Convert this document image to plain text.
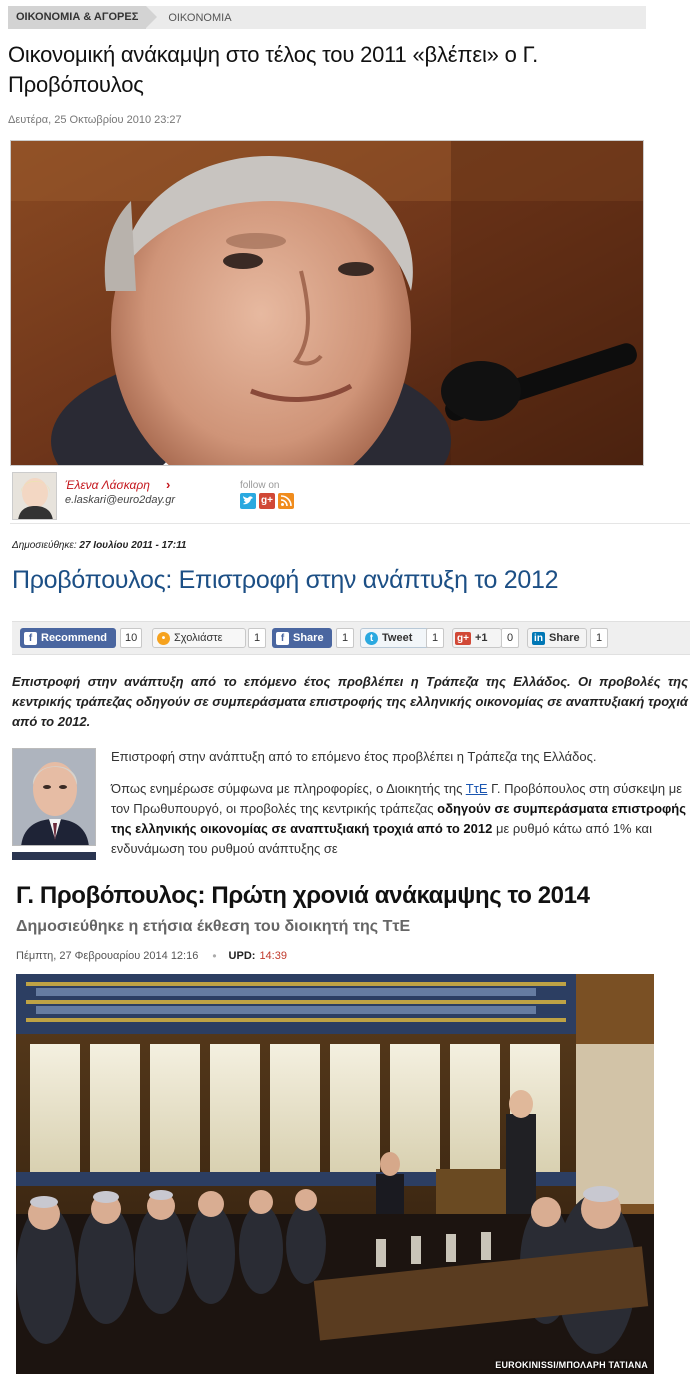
ΟΙΚΟΝΟΜΙΑ & ΑΓΟΡΕΣ	ΟΙΚΟΝΟΜΙΑ
Οικονομική ανάκαμψη στο τέλος του 2011 «βλέπει» ο Γ. Προβόπουλος
Δευτέρα, 25 Οκτωβρίου 2010 23:27
Έλενα Λάσκαρη ›
e.laskari@euro2day.gr
follow on
g+
Δημοσιεύθηκε: 27 Ιουλίου 2011 - 17:11
Προβόπουλος: Επιστροφή στην ανάπτυξη το 2012
f Recommend	10	• Σχολιάστε	1	f Share	1	t Tweet	1	g+ +1	0	in Share	1

Επιστροφή στην ανάπτυξη από το επόμενο έτος προβλέπει η Τράπεζα της Ελλάδος. Οι προβολές της κεντρικής τράπεζας οδηγούν σε συμπεράσματα επιστροφής της ελληνικής οικονομίας σε αναπτυξιακή τροχιά από το 2012.

Επιστροφή στην ανάπτυξη από το επόμενο έτος προβλέπει η Τράπεζα της Ελλάδος.

Όπως ενημέρωσε σύμφωνα με πληροφορίες, ο Διοικητής της ΤτΕ Γ. Προβόπουλος στη σύσκεψη με τον Πρωθυπουργό, οι προβολές της κεντρικής τράπεζας οδηγούν σε συμπεράσματα επιστροφής της ελληνικής οικονομίας σε αναπτυξιακή τροχιά από το 2012 με ρυθμό κάτω από 1% και ενδυνάμωση του ρυθμού ανάπτυξης σε

Γ. Προβόπουλος: Πρώτη χρονιά ανάκαμψης το 2014
Δημοσιεύθηκε η ετήσια έκθεση του διοικητή της ΤτΕ
Πέμπτη, 27 Φεβρουαρίου 2014 12:16 • UPD: 14:39
EUROKINISSI/ΜΠΟΛΑΡΗ ΤΑΤΙΑΝΑ
